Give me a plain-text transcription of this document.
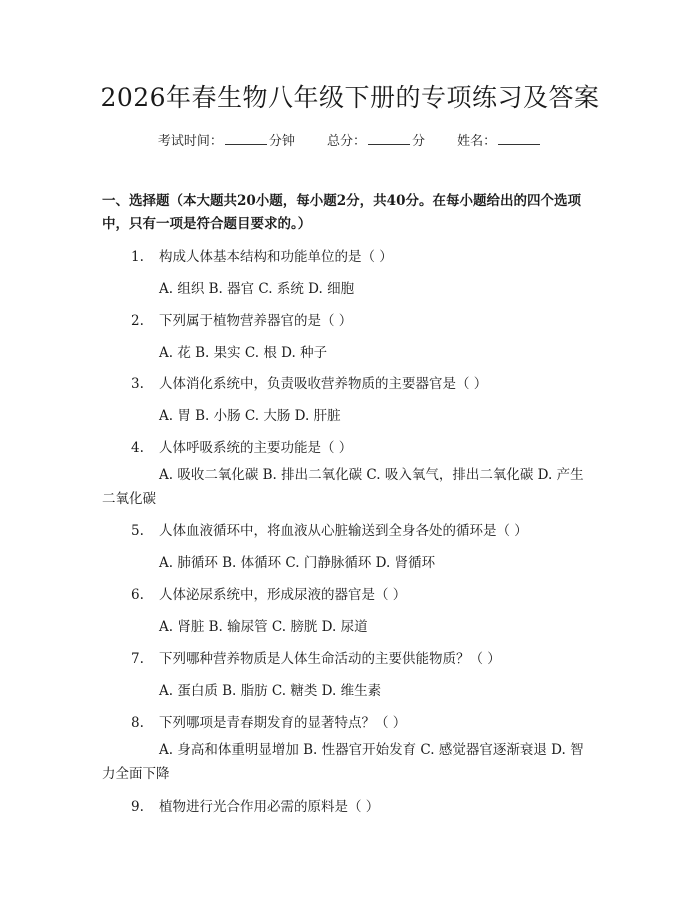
2026年春生物八年级下册的专项练习及答案
考试时间：	分钟 总分：	分 姓名：
一、选择题（本大题共20小题，每小题2分，共40分。在每小题给出的四个选项中，只有一项是符合题目要求的。）
1. 构成人体基本结构和功能单位的是（ ）
A. 组织 B. 器官 C. 系统 D. 细胞
2. 下列属于植物营养器官的是（ ）
A. 花 B. 果实 C. 根 D. 种子
3. 人体消化系统中，负责吸收营养物质的主要器官是（ ）
A. 胃 B. 小肠 C. 大肠 D. 肝脏
4. 人体呼吸系统的主要功能是（ ）
A. 吸收二氧化碳 B. 排出二氧化碳 C. 吸入氧气，排出二氧化碳 D. 产生二氧化碳
5. 人体血液循环中，将血液从心脏输送到全身各处的循环是（ ）
A. 肺循环 B. 体循环 C. 门静脉循环 D. 肾循环
6. 人体泌尿系统中，形成尿液的器官是（ ）
A. 肾脏 B. 输尿管 C. 膀胱 D. 尿道
7. 下列哪种营养物质是人体生命活动的主要供能物质？（ ）
A. 蛋白质 B. 脂肪 C. 糖类 D. 维生素
8. 下列哪项是青春期发育的显著特点？（ ）
A. 身高和体重明显增加 B. 性器官开始发育 C. 感觉器官逐渐衰退 D. 智力全面下降
9. 植物进行光合作用必需的原料是（ ）
